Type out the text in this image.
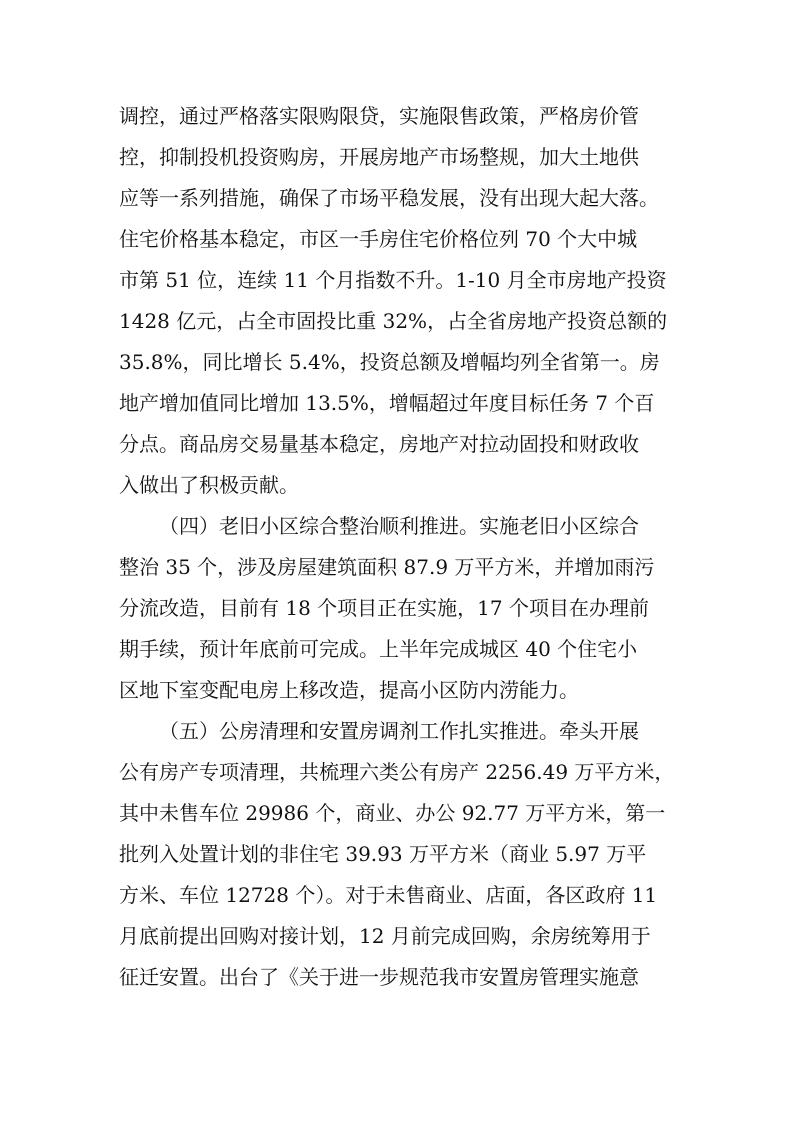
调控，通过严格落实限购限贷，实施限售政策，严格房价管
控，抑制投机投资购房，开展房地产市场整规，加大土地供
应等一系列措施，确保了市场平稳发展，没有出现大起大落。
住宅价格基本稳定，市区一手房住宅价格位列 70 个大中城
市第 51 位，连续 11 个月指数不升。1-10 月全市房地产投资
1428 亿元，占全市固投比重 32%，占全省房地产投资总额的
35.8%，同比增长 5.4%，投资总额及增幅均列全省第一。房
地产增加值同比增加 13.5%，增幅超过年度目标任务 7 个百
分点。商品房交易量基本稳定，房地产对拉动固投和财政收
入做出了积极贡献。
（四）老旧小区综合整治顺利推进。实施老旧小区综合
整治 35 个，涉及房屋建筑面积 87.9 万平方米，并增加雨污
分流改造，目前有 18 个项目正在实施，17 个项目在办理前
期手续，预计年底前可完成。上半年完成城区 40 个住宅小
区地下室变配电房上移改造，提高小区防内涝能力。
（五）公房清理和安置房调剂工作扎实推进。牵头开展
公有房产专项清理，共梳理六类公有房产 2256.49 万平方米，
其中未售车位 29986 个，商业、办公 92.77 万平方米，第一
批列入处置计划的非住宅 39.93 万平方米（商业 5.97 万平
方米、车位 12728 个）。对于未售商业、店面，各区政府 11
月底前提出回购对接计划，12 月前完成回购，余房统筹用于
征迁安置。出台了《关于进一步规范我市安置房管理实施意
